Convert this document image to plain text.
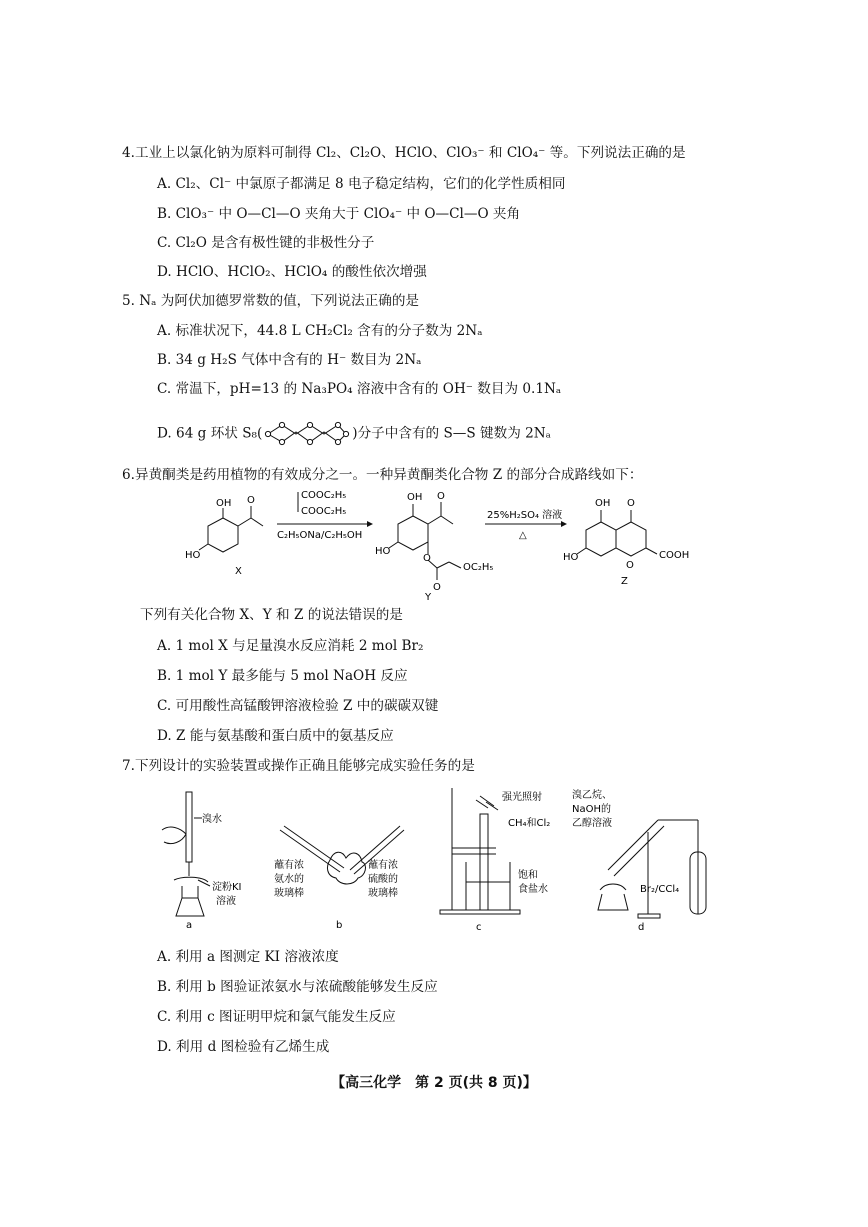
4.工业上以氯化钠为原料可制得 Cl₂、Cl₂O、HClO、ClO₃⁻ 和 ClO₄⁻ 等。下列说法正确的是
A. Cl₂、Cl⁻ 中氯原子都满足 8 电子稳定结构，它们的化学性质相同
B. ClO₃⁻ 中 O—Cl—O 夹角大于 ClO₄⁻ 中 O—Cl—O 夹角
C. Cl₂O 是含有极性键的非极性分子
D. HClO、HClO₂、HClO₄ 的酸性依次增强
5. Nₐ 为阿伏加德罗常数的值，下列说法正确的是
A. 标准状况下，44.8 L CH₂Cl₂ 含有的分子数为 2Nₐ
B. 34 g H₂S 气体中含有的 H⁻ 数目为 2Nₐ
C. 常温下，pH=13 的 Na₃PO₄ 溶液中含有的 OH⁻ 数目为 0.1Nₐ
D. 64 g 环状 S₈(	)分子中含有的 S—S 键数为 2Nₐ
6.异黄酮类是药用植物的有效成分之一。一种异黄酮类化合物 Z 的部分合成路线如下：
OH O
HO
X
COOC₂H₅
COOC₂H₅
C₂H₅ONa/C₂H₅OH
OH O
HO
O
OC₂H₅
O
Y
25%H₂SO₄ 溶液
△
OH O
HO
O
COOH
Z
下列有关化合物 X、Y 和 Z 的说法错误的是
A. 1 mol X 与足量溴水反应消耗 2 mol Br₂
B. 1 mol Y 最多能与 5 mol NaOH 反应
C. 可用酸性高锰酸钾溶液检验 Z 中的碳碳双键
D. Z 能与氨基酸和蛋白质中的氨基反应
7.下列设计的实验装置或操作正确且能够完成实验任务的是
溴水
淀粉KI
溶液
a
蘸有浓
氨水的
玻璃棒
蘸有浓
硫酸的
玻璃棒
b
强光照射
CH₄和Cl₂
饱和
食盐水
c
溴乙烷、
NaOH的
乙醇溶液
Br₂/CCl₄
d
A. 利用 a 图测定 KI 溶液浓度
B. 利用 b 图验证浓氨水与浓硫酸能够发生反应
C. 利用 c 图证明甲烷和氯气能发生反应
D. 利用 d 图检验有乙烯生成
【高三化学　第 2 页(共 8 页)】
